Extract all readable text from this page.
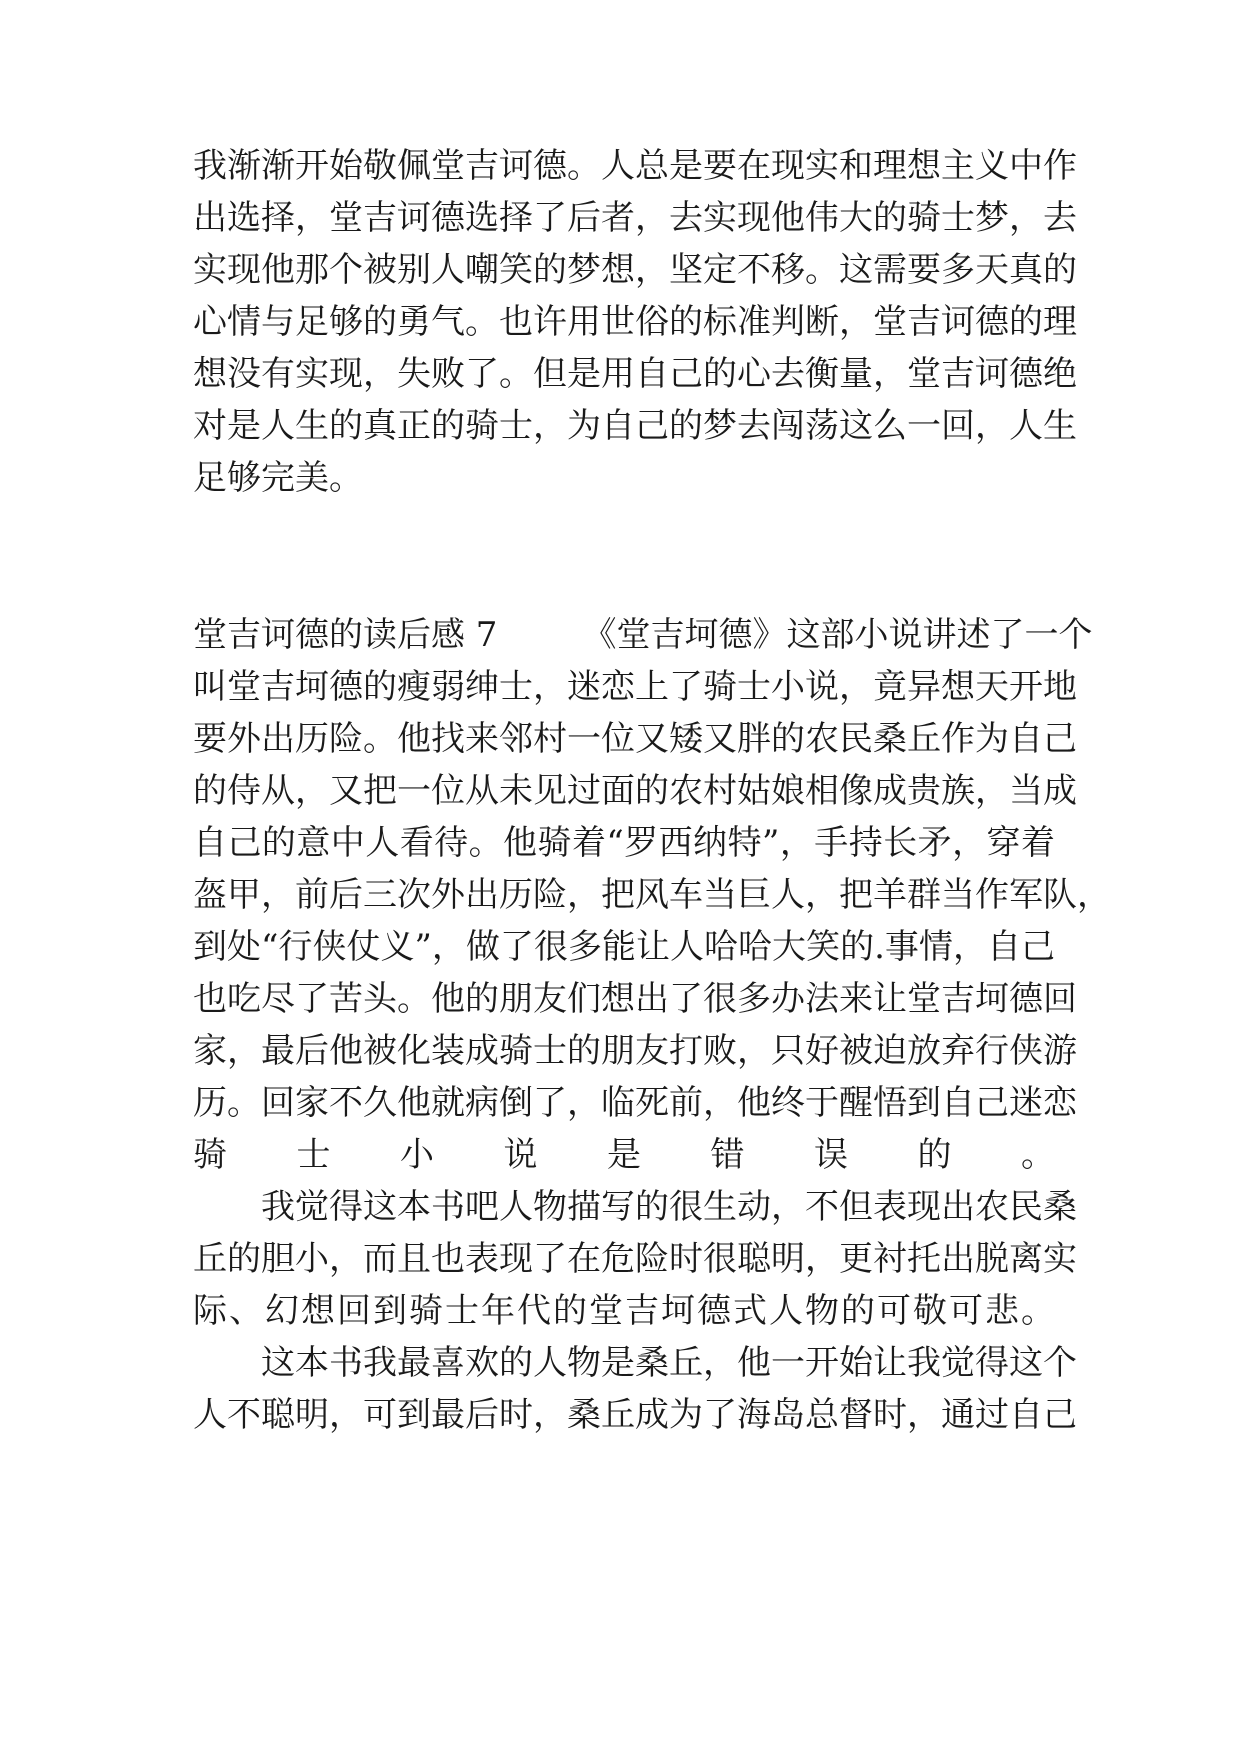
我渐渐开始敬佩堂吉诃德。人总是要在现实和理想主义中作
出选择，堂吉诃德选择了后者，去实现他伟大的骑士梦，去
实现他那个被别人嘲笑的梦想，坚定不移。这需要多天真的
心情与足够的勇气。也许用世俗的标准判断，堂吉诃德的理
想没有实现，失败了。但是用自己的心去衡量，堂吉诃德绝
对是人生的真正的骑士，为自己的梦去闯荡这么一回，人生
足够完美。
堂吉诃德的读后感 7　　　《堂吉坷德》这部小说讲述了一个
叫堂吉坷德的瘦弱绅士，迷恋上了骑士小说，竟异想天开地
要外出历险。他找来邻村一位又矮又胖的农民桑丘作为自己
的侍从，又把一位从未见过面的农村姑娘相像成贵族，当成
自己的意中人看待。他骑着“罗西纳特”，手持长矛，穿着
盔甲，前后三次外出历险，把风车当巨人，把羊群当作军队，
到处“行侠仗义”，做了很多能让人哈哈大笑的.事情，自己
也吃尽了苦头。他的朋友们想出了很多办法来让堂吉坷德回
家，最后他被化装成骑士的朋友打败，只好被迫放弃行侠游
历。回家不久他就病倒了，临死前，他终于醒悟到自己迷恋
骑士小说是错误的。
　　我觉得这本书吧人物描写的很生动，不但表现出农民桑
丘的胆小，而且也表现了在危险时很聪明，更衬托出脱离实
际、幻想回到骑士年代的堂吉坷德式人物的可敬可悲。
　　这本书我最喜欢的人物是桑丘，他一开始让我觉得这个
人不聪明，可到最后时，桑丘成为了海岛总督时，通过自己
